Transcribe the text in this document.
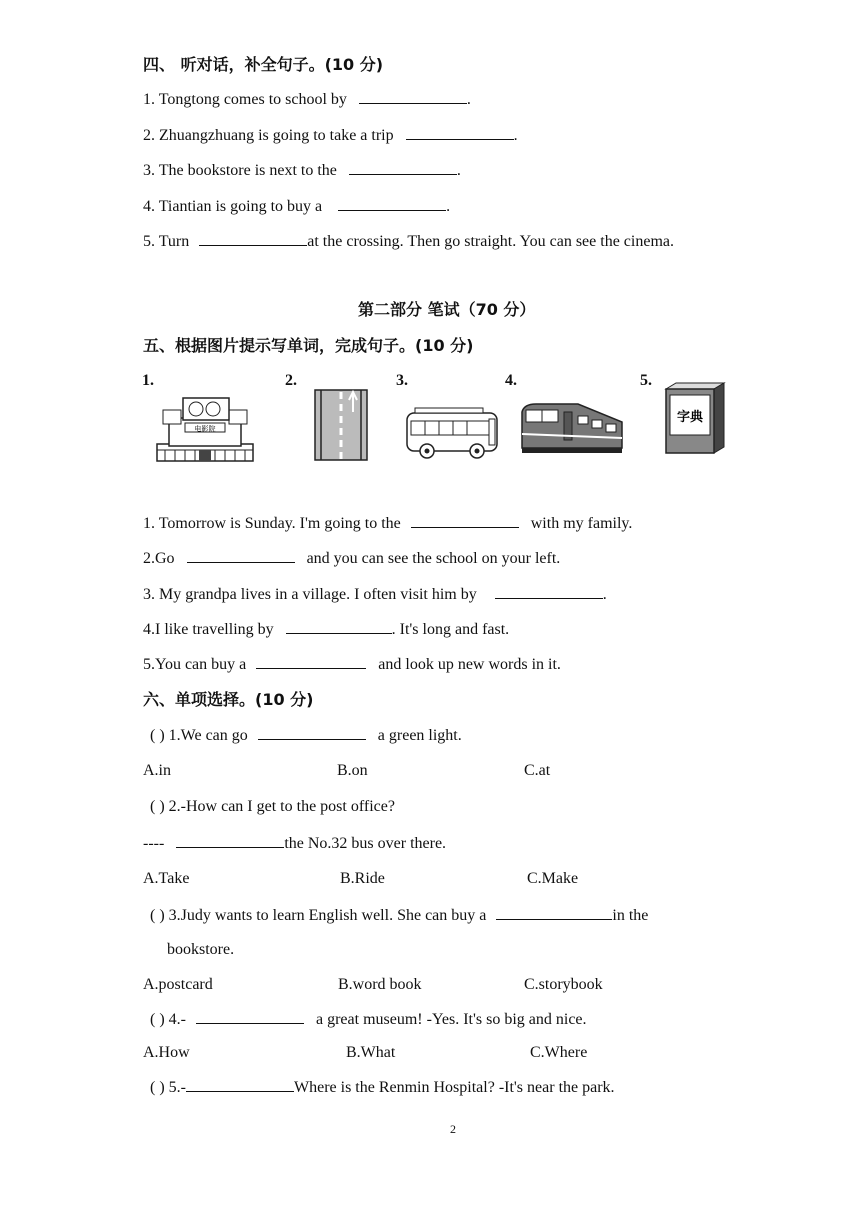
四、 听对话，补全句子。(10 分)
1. Tongtong comes to school by	.
2. Zhuangzhuang is going to take a trip	.
3. The bookstore is next to the	.
4. Tiantian is going to buy a	.
5. Turn	at the crossing. Then go straight. You can see the cinema.
第二部分 笔试（70 分）
五、根据图片提示写单词，完成句子。(10 分)
1.	2.	3.	4.	5.
电影院
字典
1. Tomorrow is Sunday. I'm going to the	with my family.
2.Go	and you can see the school on your left.
3. My grandpa lives in a village. I often visit him by	.
4.I like travelling by	. It's long and fast.
5.You can buy a	and look up new words in it.
六、单项选择。(10 分)
( ) 1.We can go	a green light.
A.in	B.on	C.at
( ) 2.-How can I get to the post office?
----	the No.32 bus over there.
A.Take	B.Ride	C.Make
( ) 3.Judy wants to learn English well. She can buy a	in the
bookstore.
A.postcard	B.word book	C.storybook
( ) 4.-	a great museum! -Yes. It's so big and nice.
A.How	B.What	C.Where
( ) 5.-	Where is the Renmin Hospital? -It's near the park.
2
